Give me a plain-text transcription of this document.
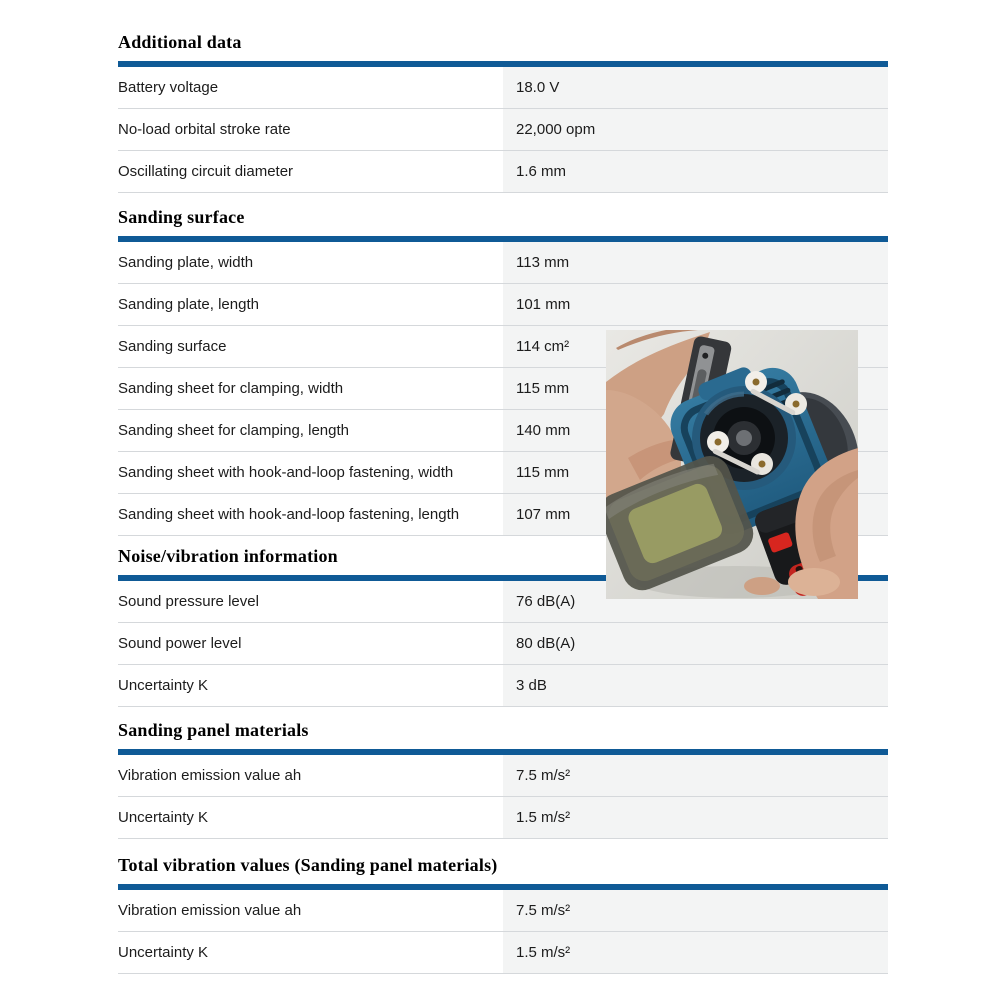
Additional data
Battery voltage	18.0 V
No-load orbital stroke rate	22,000 opm
Oscillating circuit diameter	1.6 mm
Sanding surface
Sanding plate, width	113 mm
Sanding plate, length	101 mm
Sanding surface	114 cm²
Sanding sheet for clamping, width	115 mm
Sanding sheet for clamping, length	140 mm
Sanding sheet with hook-and-loop fastening, width	115 mm
Sanding sheet with hook-and-loop fastening, length	107 mm
Noise/vibration information
Sound pressure level	76 dB(A)
Sound power level	80 dB(A)
Uncertainty K	3 dB
Sanding panel materials
Vibration emission value ah	7.5 m/s²
Uncertainty K	1.5 m/s²
Total vibration values (Sanding panel materials)
Vibration emission value ah	7.5 m/s²
Uncertainty K	1.5 m/s²
